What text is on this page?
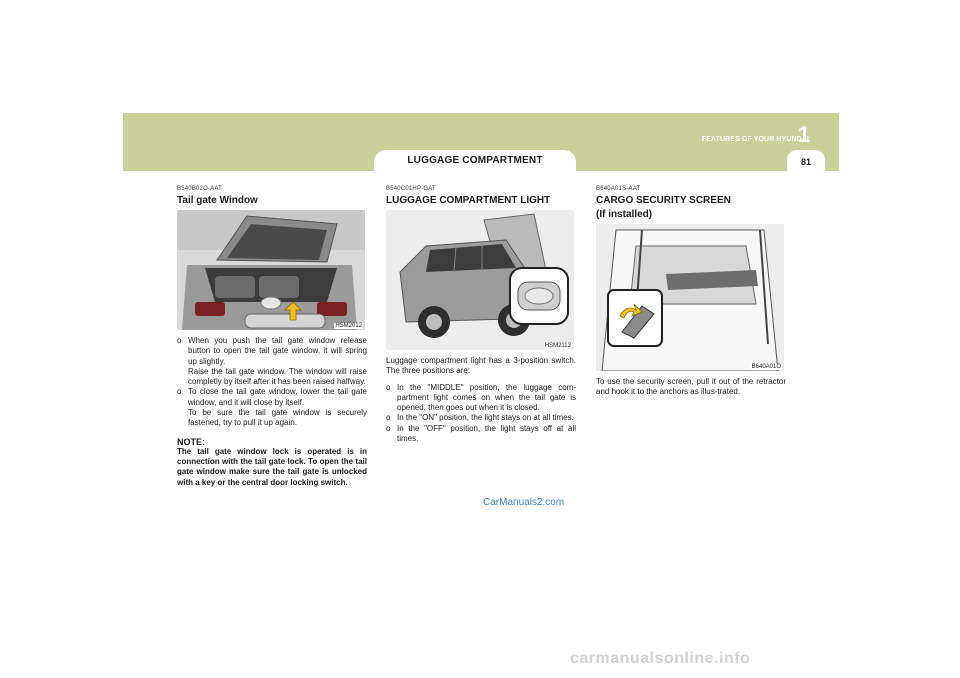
LUGGAGE COMPARTMENT
FEATURES OF YOUR HYUNDAI
1
81
B540B02O-AAT
Tail gate Window
HSM2012
o When you push the tail gate window release button to open the tail gate window, it will spring up slightly.
Raise the tail gate window. The window will raise completly by itself after it has been raised halfway.
o To close the tail gate window, lower the tail gate window, and it will close by itself.
To be sure the tail gate window is securely fastened, try to pull it up again.
NOTE:
The tail gate window lock is operated is in connection with the tail gate lock. To open the tail gate window make sure the tail gate is unlocked with a key or the central door locking switch.
B540C01HP-GAT
LUGGAGE COMPARTMENT LIGHT
HSM2113
Luggage compartment light has a 3-position switch. The three positions are:
o In the "MIDDLE" position, the luggage com-partment light comes on when the tail gate is opened, then goes out when it is closed.
o In the "ON" position, the light stays on at all times.
o In the "OFF" position, the light stays off at all times.
B640A01S-AAT
CARGO SECURITY SCREEN
(If installed)
B640A01O
To use the security screen, pull it out of the retractor and hook it to the anchors as illus-trated.
CarManuals2.com
carmanualsonline.info
